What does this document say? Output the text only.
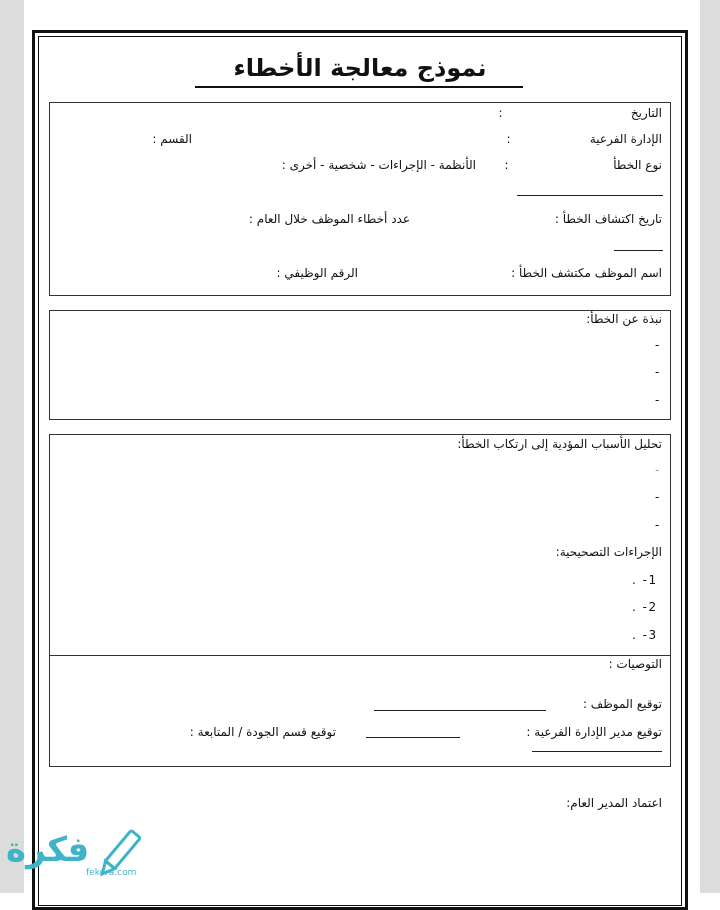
نموذج معالجة الأخطاء
التاريخ
:
الإدارة الفرعية
:
القسم :
نوع الخطأ
:
الأنظمة - الإجراءات - شخصية - أخرى :
تاريخ اكتشاف الخطأ :
عدد أخطاء الموظف خلال العام :
اسم الموظف مكتشف الخطأ :
الرقم الوظيفي :
نبذة عن الخطأ:
-
-
-
تحليل الأسباب المؤدية إلى ارتكاب الخطأ:
-
-
-
الإجراءات التصحيحية:
1- .
2- .
3- .
التوصيات :
توقيع الموظف :
توقيع مدير الإدارة الفرعية :
توقيع قسم الجودة / المتابعة :
اعتماد المدير العام:
فكرة
fekora.com
